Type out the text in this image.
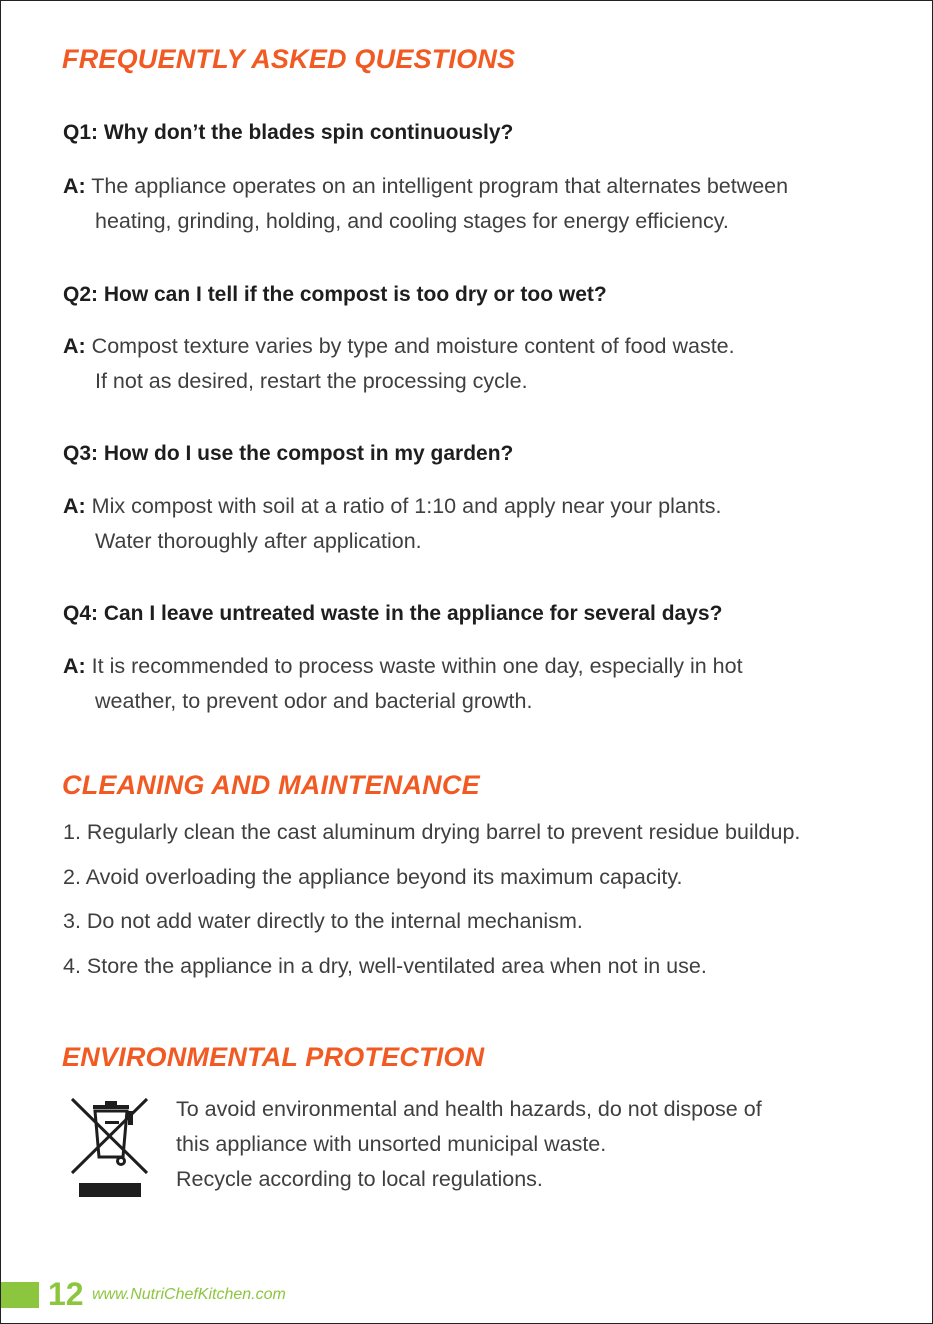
FREQUENTLY ASKED QUESTIONS

Q1: Why don’t the blades spin continuously?

A: The appliance operates on an intelligent program that alternates between
heating, grinding, holding, and cooling stages for energy efficiency.

Q2: How can I tell if the compost is too dry or too wet?

A: Compost texture varies by type and moisture content of food waste.
If not as desired, restart the processing cycle.

Q3: How do I use the compost in my garden?

A: Mix compost with soil at a ratio of 1:10 and apply near your plants.
Water thoroughly after application.

Q4: Can I leave untreated waste in the appliance for several days?

A: It is recommended to process waste within one day, especially in hot
weather, to prevent odor and bacterial growth.

CLEANING AND MAINTENANCE

1. Regularly clean the cast aluminum drying barrel to prevent residue buildup.

2. Avoid overloading the appliance beyond its maximum capacity.

3. Do not add water directly to the internal mechanism.

4. Store the appliance in a dry, well-ventilated area when not in use.

ENVIRONMENTAL PROTECTION

To avoid environmental and health hazards, do not dispose of
this appliance with unsorted municipal waste.
Recycle according to local regulations.

12 www.NutriChefKitchen.com
